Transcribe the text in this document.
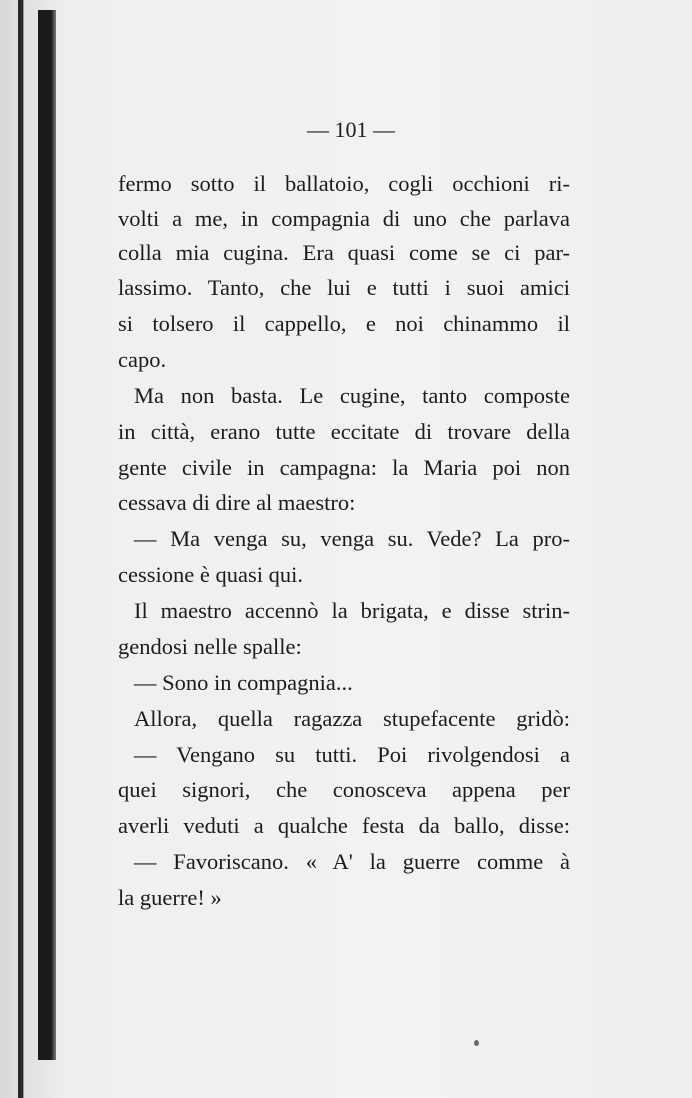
— 101 —
fermo sotto il ballatoio, cogli occhioni ri-
volti a me, in compagnia di uno che parlava
colla mia cugina. Era quasi come se ci par-
lassimo. Tanto, che lui e tutti i suoi amici
si tolsero il cappello, e noi chinammo il
capo.
Ma non basta. Le cugine, tanto composte
in città, erano tutte eccitate di trovare della
gente civile in campagna: la Maria poi non
cessava di dire al maestro:
— Ma venga su, venga su. Vede? La pro-
cessione è quasi qui.
Il maestro accennò la brigata, e disse strin-
gendosi nelle spalle:
— Sono in compagnia...
Allora, quella ragazza stupefacente gridò:
— Vengano su tutti. Poi rivolgendosi a
quei signori, che conosceva appena per
averli veduti a qualche festa da ballo, disse:
— Favoriscano. « A' la guerre comme à
la guerre! »
